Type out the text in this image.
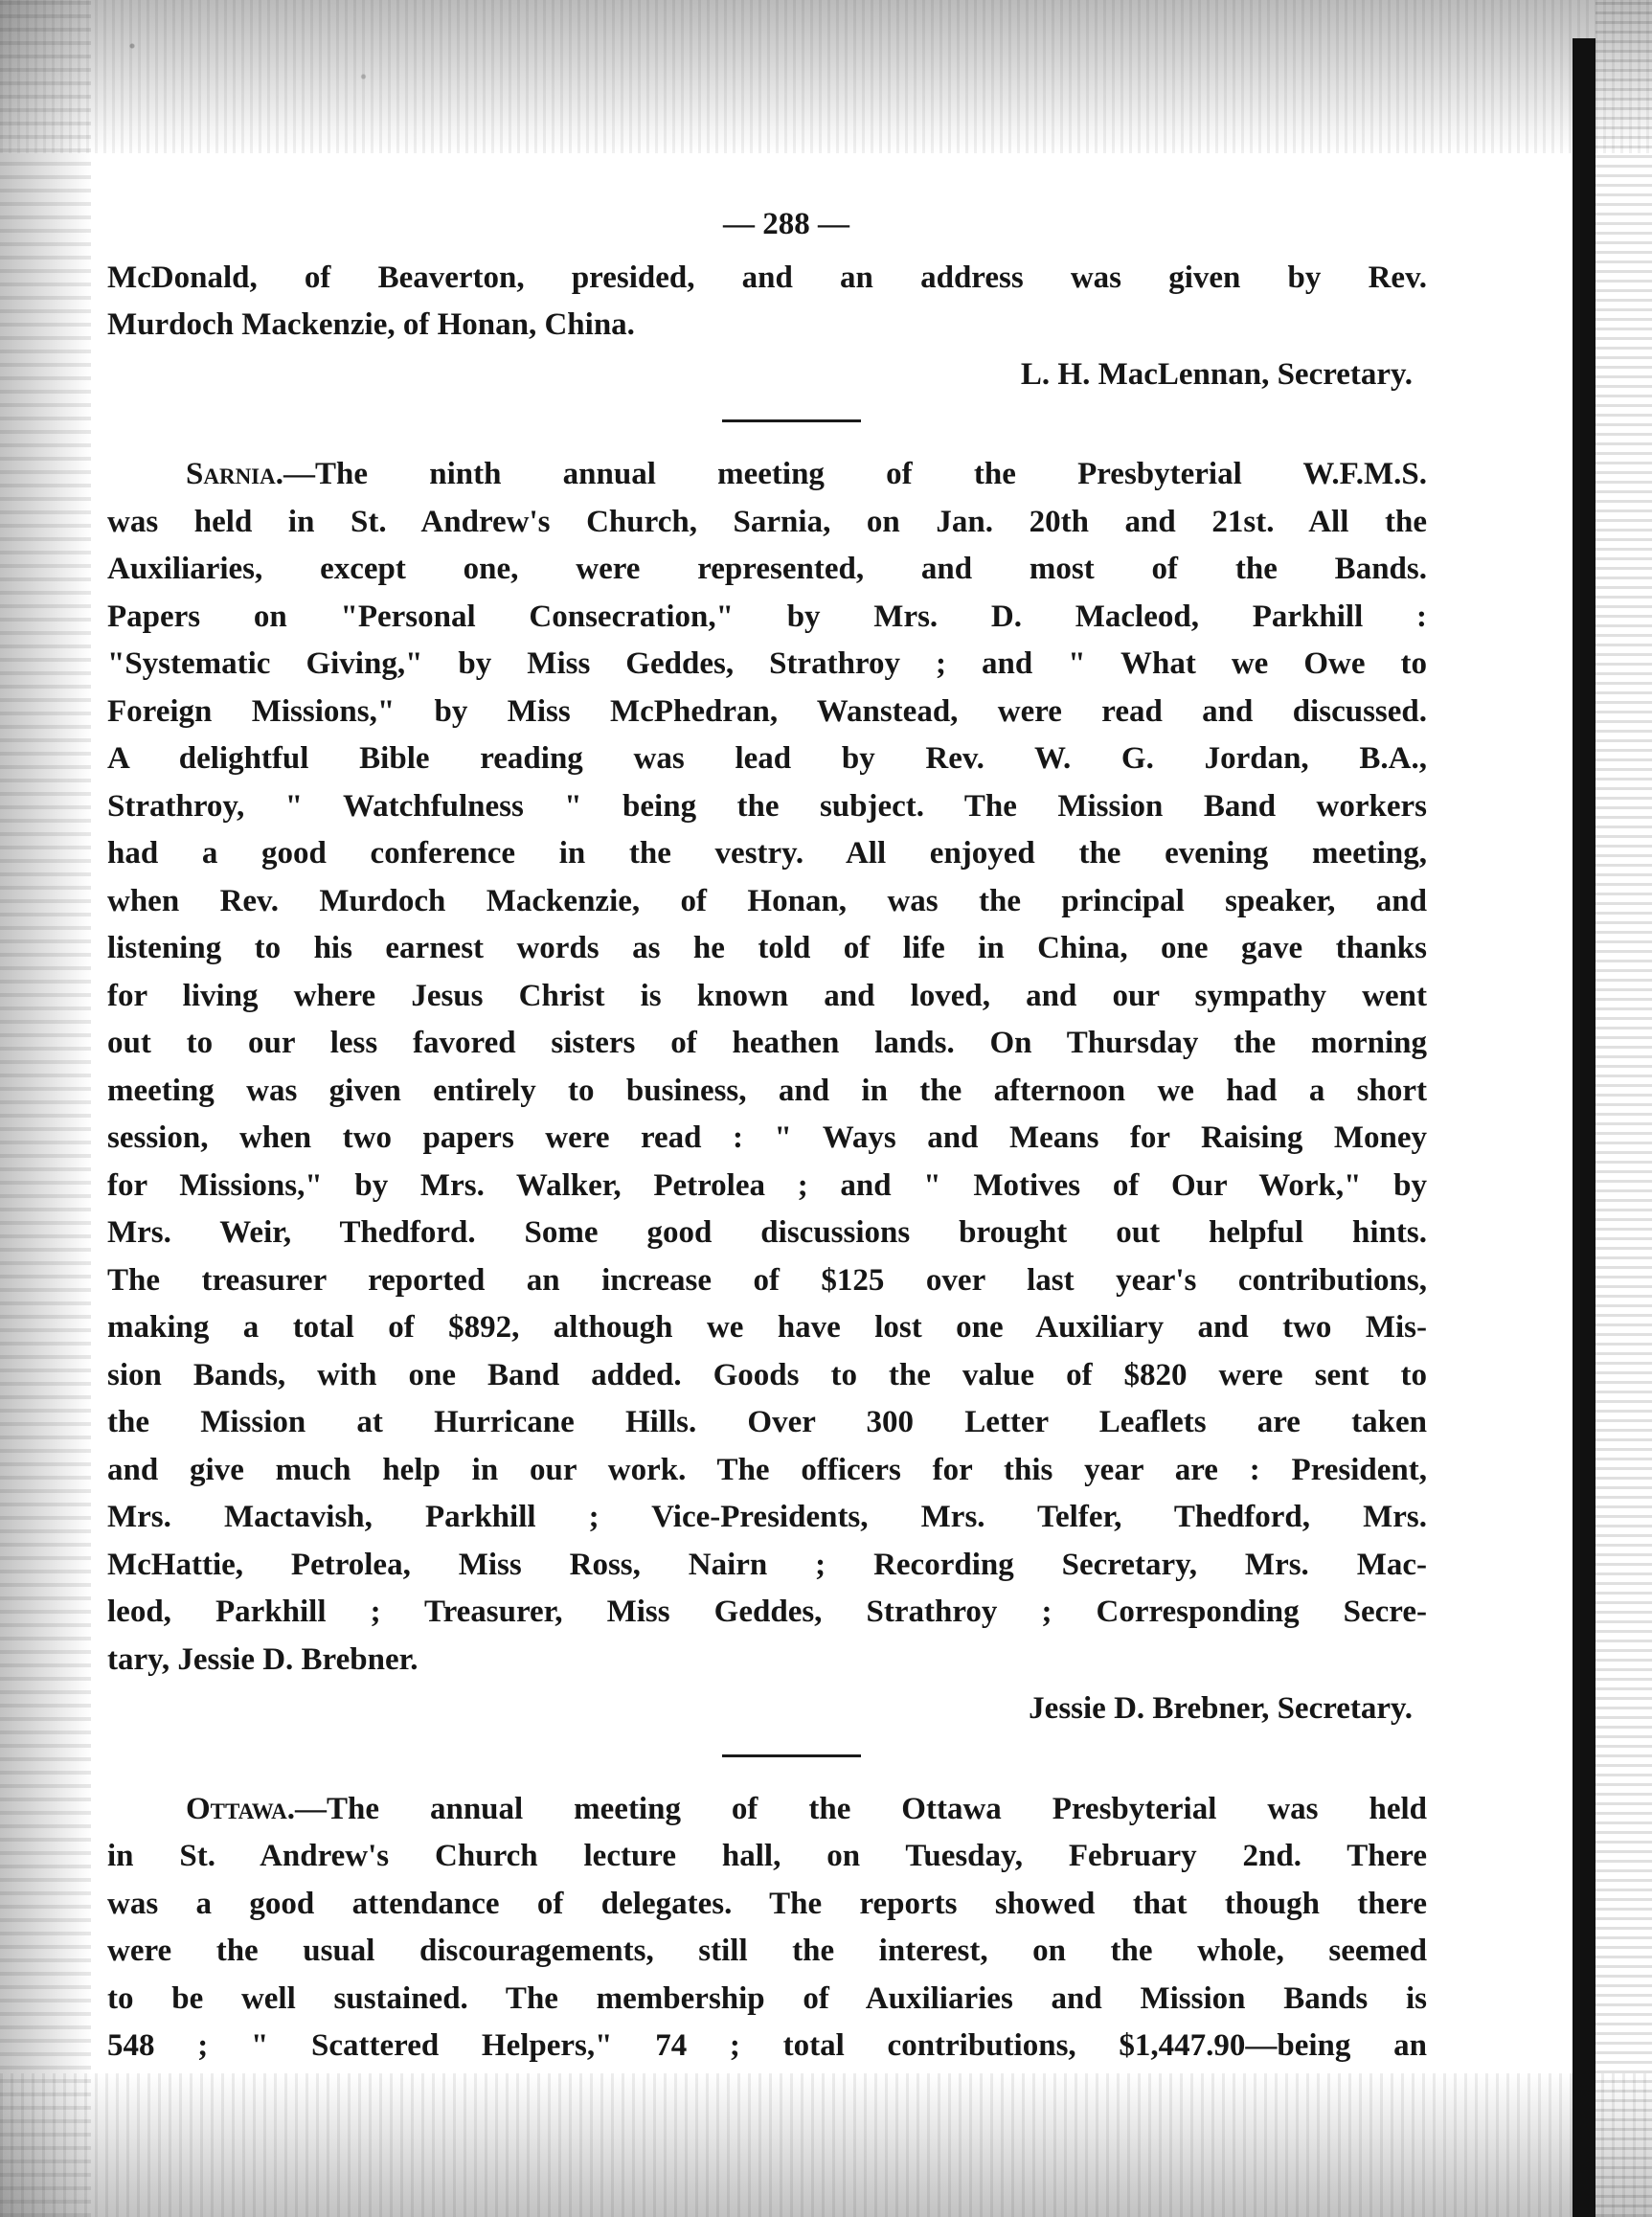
— 288 —
McDonald, of Beaverton, presided, and an address was given by Rev.
Murdoch Mackenzie, of Honan, China.
L. H. MacLennan, Secretary.
Sarnia.—The ninth annual meeting of the Presbyterial W.F.M.S.
was held in St. Andrew's Church, Sarnia, on Jan. 20th and 21st. All the
Auxiliaries, except one, were represented, and most of the Bands.
Papers on "Personal Consecration," by Mrs. D. Macleod, Parkhill :
"Systematic Giving," by Miss Geddes, Strathroy ; and " What we Owe to
Foreign Missions," by Miss McPhedran, Wanstead, were read and discussed.
A delightful Bible reading was lead by Rev. W. G. Jordan, B.A.,
Strathroy, " Watchfulness " being the subject. The Mission Band workers
had a good conference in the vestry. All enjoyed the evening meeting,
when Rev. Murdoch Mackenzie, of Honan, was the principal speaker, and
listening to his earnest words as he told of life in China, one gave thanks
for living where Jesus Christ is known and loved, and our sympathy went
out to our less favored sisters of heathen lands. On Thursday the morning
meeting was given entirely to business, and in the afternoon we had a short
session, when two papers were read : " Ways and Means for Raising Money
for Missions," by Mrs. Walker, Petrolea ; and " Motives of Our Work," by
Mrs. Weir, Thedford. Some good discussions brought out helpful hints.
The treasurer reported an increase of $125 over last year's contributions,
making a total of $892, although we have lost one Auxiliary and two Mis-
sion Bands, with one Band added. Goods to the value of $820 were sent to
the Mission at Hurricane Hills. Over 300 Letter Leaflets are taken
and give much help in our work. The officers for this year are : President,
Mrs. Mactavish, Parkhill ; Vice-Presidents, Mrs. Telfer, Thedford, Mrs.
McHattie, Petrolea, Miss Ross, Nairn ; Recording Secretary, Mrs. Mac-
leod, Parkhill ; Treasurer, Miss Geddes, Strathroy ; Corresponding Secre-
tary, Jessie D. Brebner.
Jessie D. Brebner, Secretary.
Ottawa.—The annual meeting of the Ottawa Presbyterial was held
in St. Andrew's Church lecture hall, on Tuesday, February 2nd. There
was a good attendance of delegates. The reports showed that though there
were the usual discouragements, still the interest, on the whole, seemed
to be well sustained. The membership of Auxiliaries and Mission Bands is
548 ; " Scattered Helpers," 74 ; total contributions, $1,447.90—being an
